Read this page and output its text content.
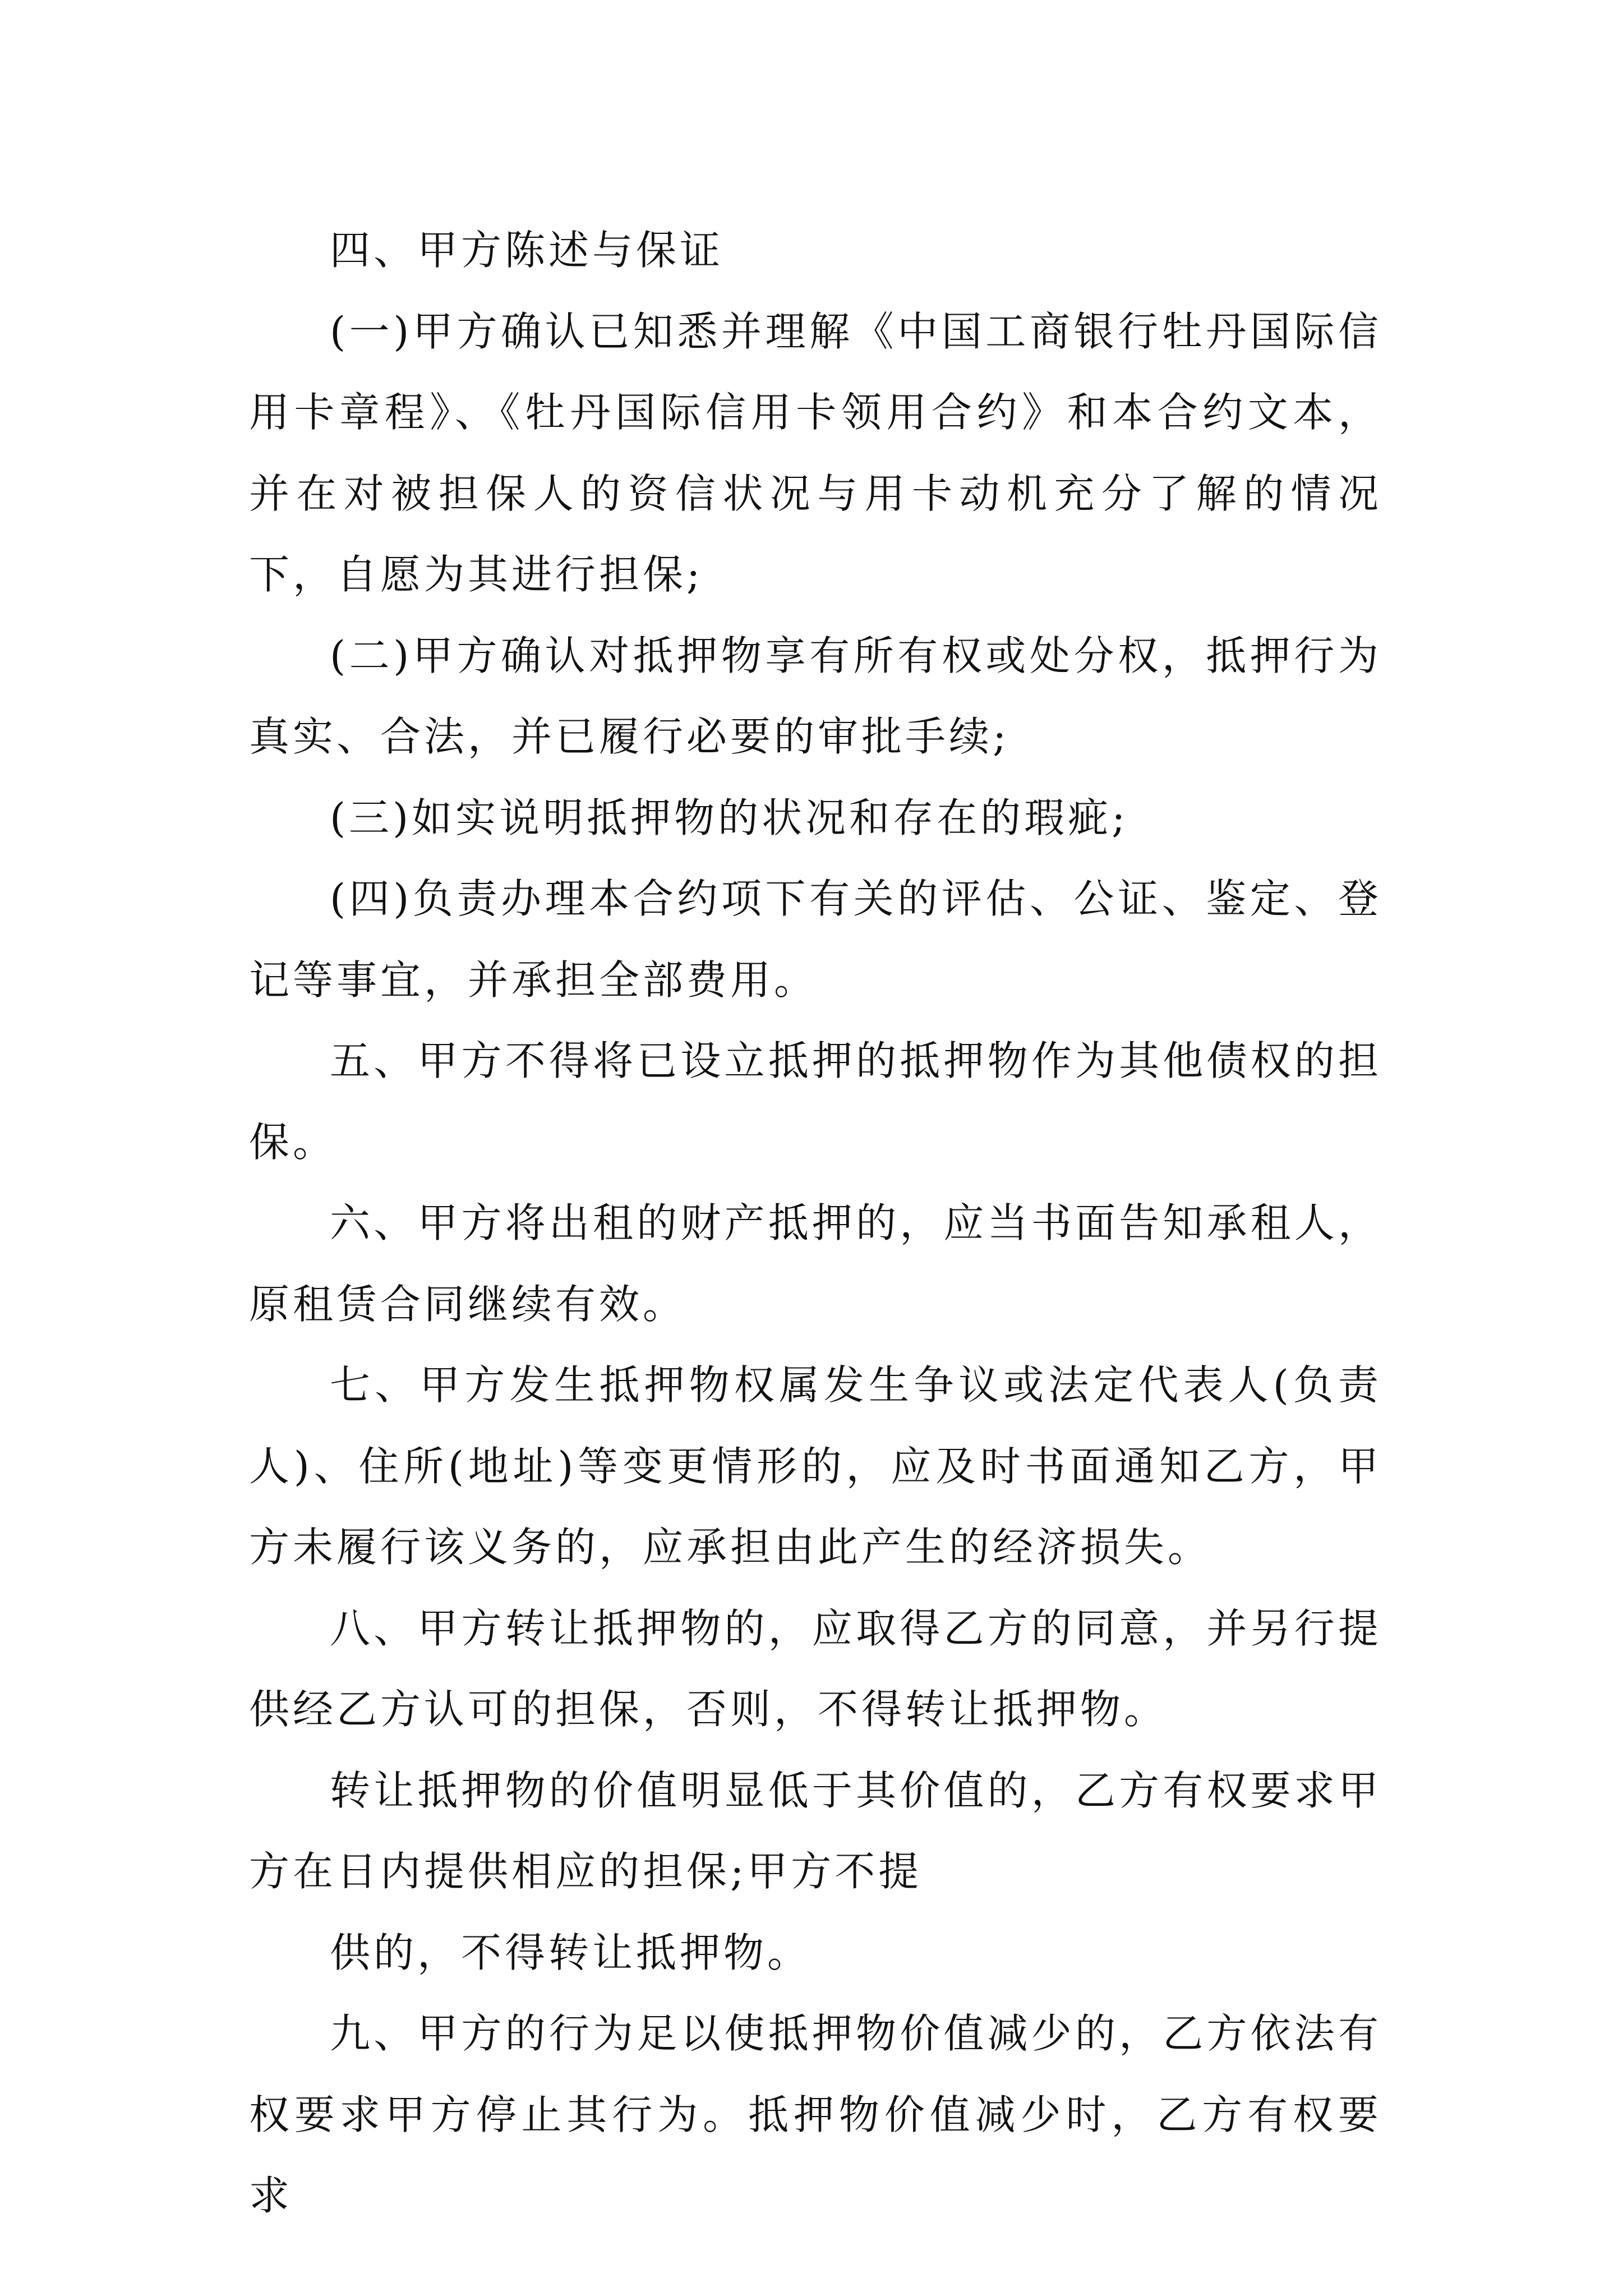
四、甲方陈述与保证

(一)甲方确认已知悉并理解《中国工商银行牡丹国际信用卡章程》、《牡丹国际信用卡领用合约》和本合约文本，并在对被担保人的资信状况与用卡动机充分了解的情况下，自愿为其进行担保;

(二)甲方确认对抵押物享有所有权或处分权，抵押行为真实、合法，并已履行必要的审批手续;

(三)如实说明抵押物的状况和存在的瑕疵;

(四)负责办理本合约项下有关的评估、公证、鉴定、登记等事宜，并承担全部费用。

五、甲方不得将已设立抵押的抵押物作为其他债权的担保。

六、甲方将出租的财产抵押的，应当书面告知承租人，原租赁合同继续有效。

七、甲方发生抵押物权属发生争议或法定代表人(负责人)、住所(地址)等变更情形的，应及时书面通知乙方，甲方未履行该义务的，应承担由此产生的经济损失。

八、甲方转让抵押物的，应取得乙方的同意，并另行提供经乙方认可的担保，否则，不得转让抵押物。

转让抵押物的价值明显低于其价值的，乙方有权要求甲方在日内提供相应的担保;甲方不提

供的，不得转让抵押物。

九、甲方的行为足以使抵押物价值减少的，乙方依法有权要求甲方停止其行为。抵押物价值减少时，乙方有权要求
